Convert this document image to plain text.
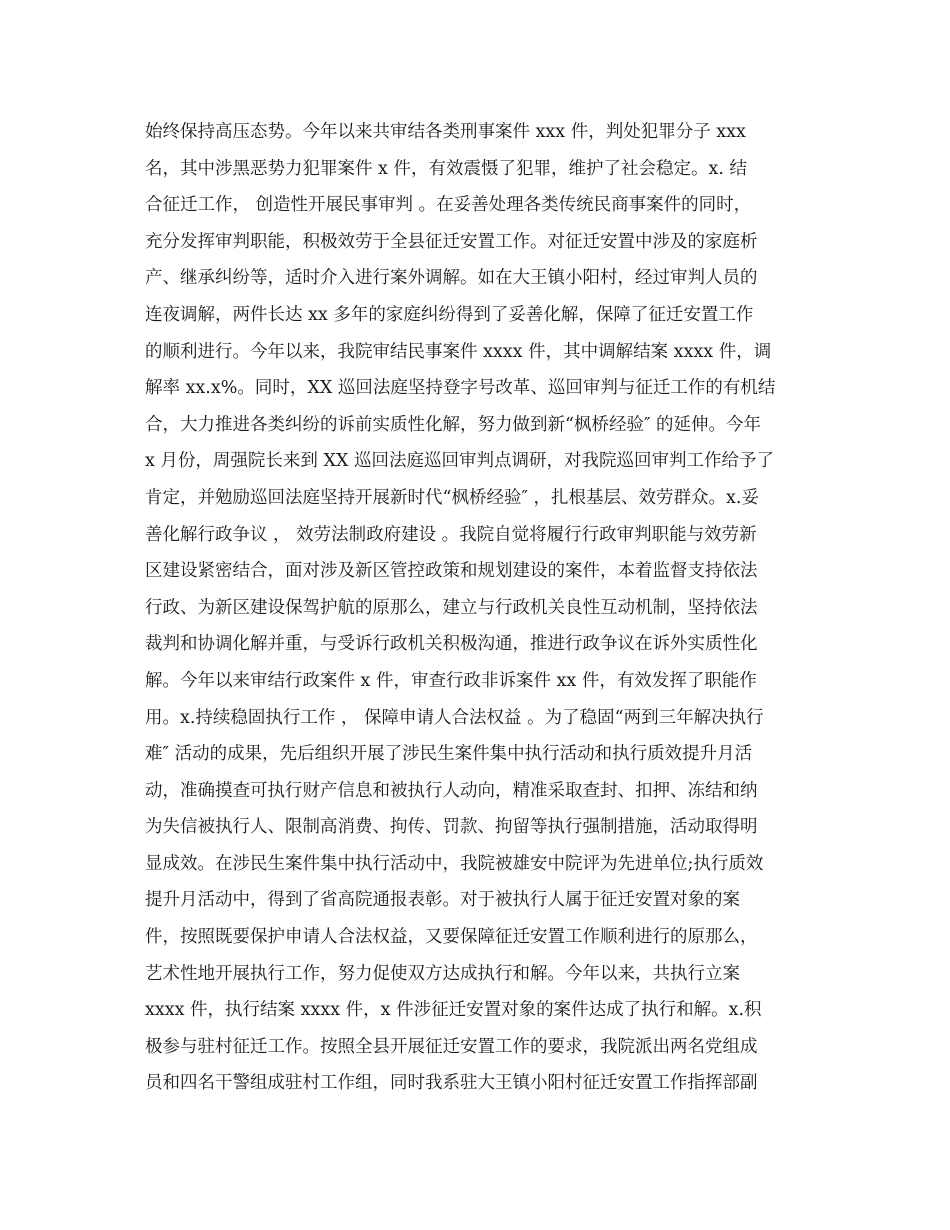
始终保持高压态势。今年以来共审结各类刑事案件 xxx 件，判处犯罪分子 xxx
名，其中涉黑恶势力犯罪案件 x 件，有效震慑了犯罪，维护了社会稳定。x. 结
合征迁工作， 创造性开展民事审判 。在妥善处理各类传统民商事案件的同时，
充分发挥审判职能，积极效劳于全县征迁安置工作。对征迁安置中涉及的家庭析
产、继承纠纷等，适时介入进行案外调解。如在大王镇小阳村，经过审判人员的
连夜调解，两件长达 xx 多年的家庭纠纷得到了妥善化解，保障了征迁安置工作
的顺利进行。今年以来，我院审结民事案件 xxxx 件，其中调解结案 xxxx 件，调
解率 xx.x%。同时，XX 巡回法庭坚持登字号改革、巡回审判与征迁工作的有机结
合，大力推进各类纠纷的诉前实质性化解，努力做到新“枫桥经验″ 的延伸。今年
x 月份，周强院长来到 XX 巡回法庭巡回审判点调研，对我院巡回审判工作给予了
肯定，并勉励巡回法庭坚持开展新时代“枫桥经验″ ，扎根基层、效劳群众。x.妥
善化解行政争议 ， 效劳法制政府建设 。我院自觉将履行行政审判职能与效劳新
区建设紧密结合，面对涉及新区管控政策和规划建设的案件，本着监督支持依法
行政、为新区建设保驾护航的原那么，建立与行政机关良性互动机制，坚持依法
裁判和协调化解并重，与受诉行政机关积极沟通，推进行政争议在诉外实质性化
解。今年以来审结行政案件 x 件，审查行政非诉案件 xx 件，有效发挥了职能作
用。x.持续稳固执行工作 ， 保障申请人合法权益 。为了稳固“两到三年解决执行
难″ 活动的成果，先后组织开展了涉民生案件集中执行活动和执行质效提升月活
动，准确摸查可执行财产信息和被执行人动向，精准采取查封、扣押、冻结和纳
为失信被执行人、限制高消费、拘传、罚款、拘留等执行强制措施，活动取得明
显成效。在涉民生案件集中执行活动中，我院被雄安中院评为先进单位;执行质效
提升月活动中，得到了省高院通报表彰。对于被执行人属于征迁安置对象的案
件，按照既要保护申请人合法权益，又要保障征迁安置工作顺利进行的原那么，
艺术性地开展执行工作，努力促使双方达成执行和解。今年以来，共执行立案
xxxx 件，执行结案 xxxx 件，x 件涉征迁安置对象的案件达成了执行和解。x.积
极参与驻村征迁工作。按照全县开展征迁安置工作的要求，我院派出两名党组成
员和四名干警组成驻村工作组，同时我系驻大王镇小阳村征迁安置工作指挥部副
